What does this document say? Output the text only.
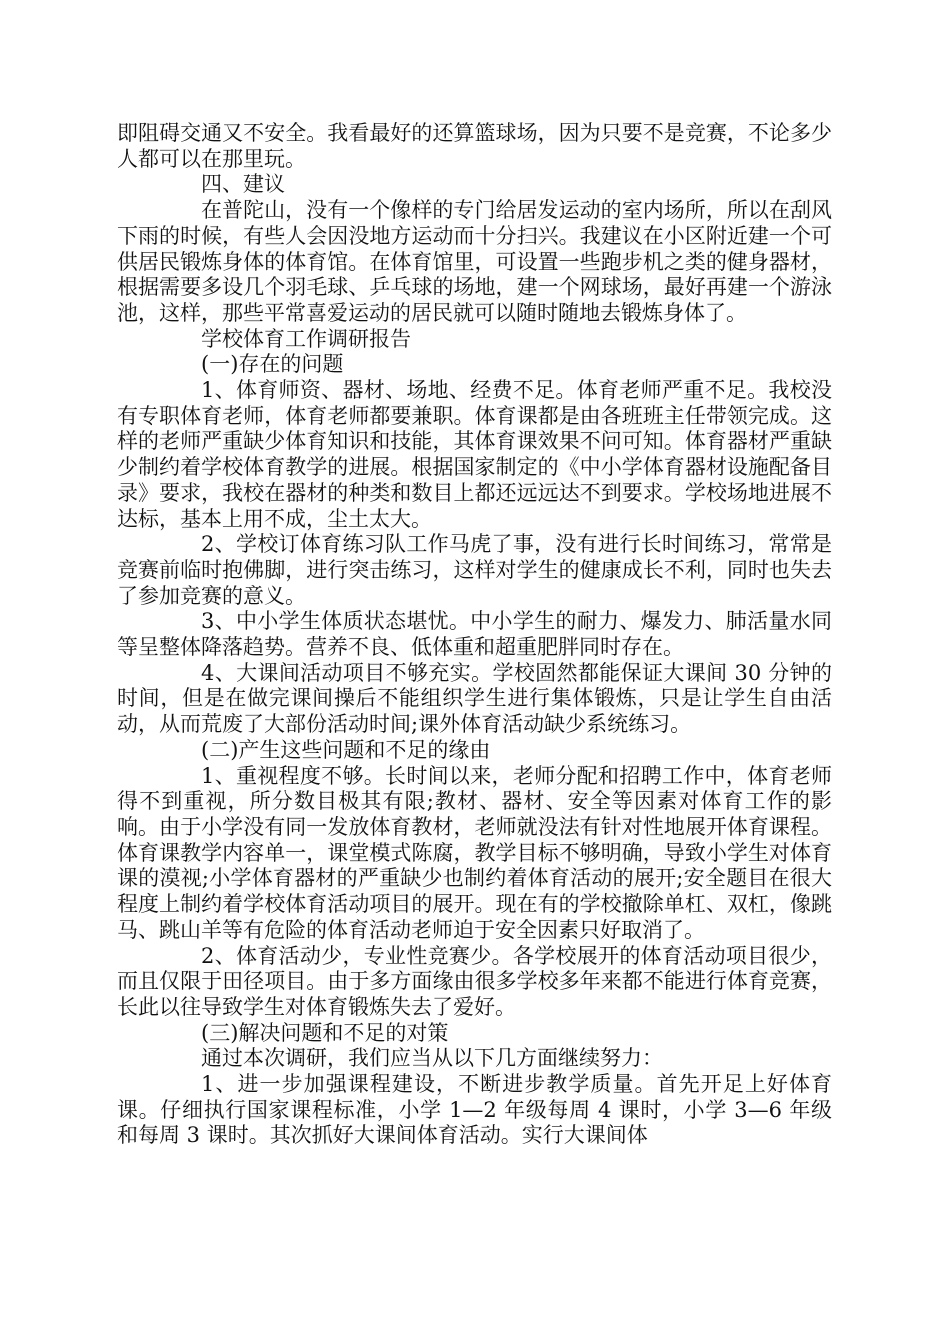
即阻碍交通又不安全。我看最好的还算篮球场，因为只要不是竞赛，不论多少人都可以在那里玩。

四、建议

在普陀山，没有一个像样的专门给居发运动的室内场所，所以在刮风下雨的时候，有些人会因没地方运动而十分扫兴。我建议在小区附近建一个可供居民锻炼身体的体育馆。在体育馆里，可设置一些跑步机之类的健身器材，根据需要多设几个羽毛球、乒乓球的场地，建一个网球场，最好再建一个游泳池，这样，那些平常喜爱运动的居民就可以随时随地去锻炼身体了。

学校体育工作调研报告

(一)存在的问题

1、体育师资、器材、场地、经费不足。体育老师严重不足。我校没有专职体育老师，体育老师都要兼职。体育课都是由各班班主任带领完成。这样的老师严重缺少体育知识和技能，其体育课效果不问可知。体育器材严重缺少制约着学校体育教学的进展。根据国家制定的《中小学体育器材设施配备目录》要求，我校在器材的种类和数目上都还远远达不到要求。学校场地进展不达标，基本上用不成，尘土太大。

2、学校订体育练习队工作马虎了事，没有进行长时间练习，常常是竞赛前临时抱佛脚，进行突击练习，这样对学生的健康成长不利，同时也失去了参加竞赛的意义。

3、中小学生体质状态堪忧。中小学生的耐力、爆发力、肺活量水同等呈整体降落趋势。营养不良、低体重和超重肥胖同时存在。

4、大课间活动项目不够充实。学校固然都能保证大课间 30 分钟的时间，但是在做完课间操后不能组织学生进行集体锻炼，只是让学生自由活动，从而荒废了大部份活动时间;课外体育活动缺少系统练习。

(二)产生这些问题和不足的缘由

1、重视程度不够。长时间以来，老师分配和招聘工作中，体育老师得不到重视，所分数目极其有限;教材、器材、安全等因素对体育工作的影响。由于小学没有同一发放体育教材，老师就没法有针对性地展开体育课程。体育课教学内容单一，课堂模式陈腐，教学目标不够明确，导致小学生对体育课的漠视;小学体育器材的严重缺少也制约着体育活动的展开;安全题目在很大程度上制约着学校体育活动项目的展开。现在有的学校撤除单杠、双杠，像跳马、跳山羊等有危险的体育活动老师迫于安全因素只好取消了。

2、体育活动少，专业性竞赛少。各学校展开的体育活动项目很少，而且仅限于田径项目。由于多方面缘由很多学校多年来都不能进行体育竞赛，长此以往导致学生对体育锻炼失去了爱好。

(三)解决问题和不足的对策

通过本次调研，我们应当从以下几方面继续努力：

1、进一步加强课程建设，不断进步教学质量。首先开足上好体育课。仔细执行国家课程标准，小学 1—2 年级每周 4 课时，小学 3—6 年级和每周 3 课时。其次抓好大课间体育活动。实行大课间体
